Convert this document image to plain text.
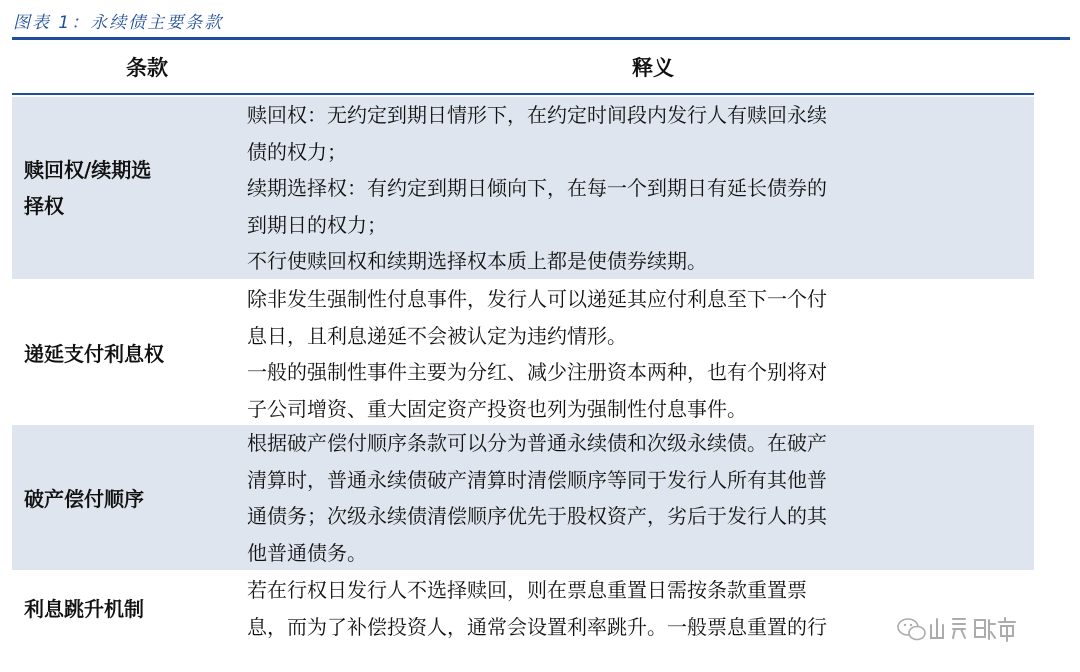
图表 1：永续债主要条款
条款	释义
赎回权/续期选
择权
赎回权：无约定到期日情形下，在约定时间段内发行人有赎回永续
债的权力；
续期选择权：有约定到期日倾向下，在每一个到期日有延长债券的
到期日的权力；
不行使赎回权和续期选择权本质上都是使债券续期。
递延支付利息权
除非发生强制性付息事件，发行人可以递延其应付利息至下一个付
息日，且利息递延不会被认定为违约情形。
一般的强制性事件主要为分红、减少注册资本两种，也有个别将对
子公司增资、重大固定资产投资也列为强制性付息事件。
破产偿付顺序
根据破产偿付顺序条款可以分为普通永续债和次级永续债。在破产
清算时，普通永续债破产清算时清偿顺序等同于发行人所有其他普
通债务；次级永续债清偿顺序优先于股权资产，劣后于发行人的其
他普通债务。
利息跳升机制
若在行权日发行人不选择赎回，则在票息重置日需按条款重置票
息，而为了补偿投资人，通常会设置利率跳升。一般票息重置的行
